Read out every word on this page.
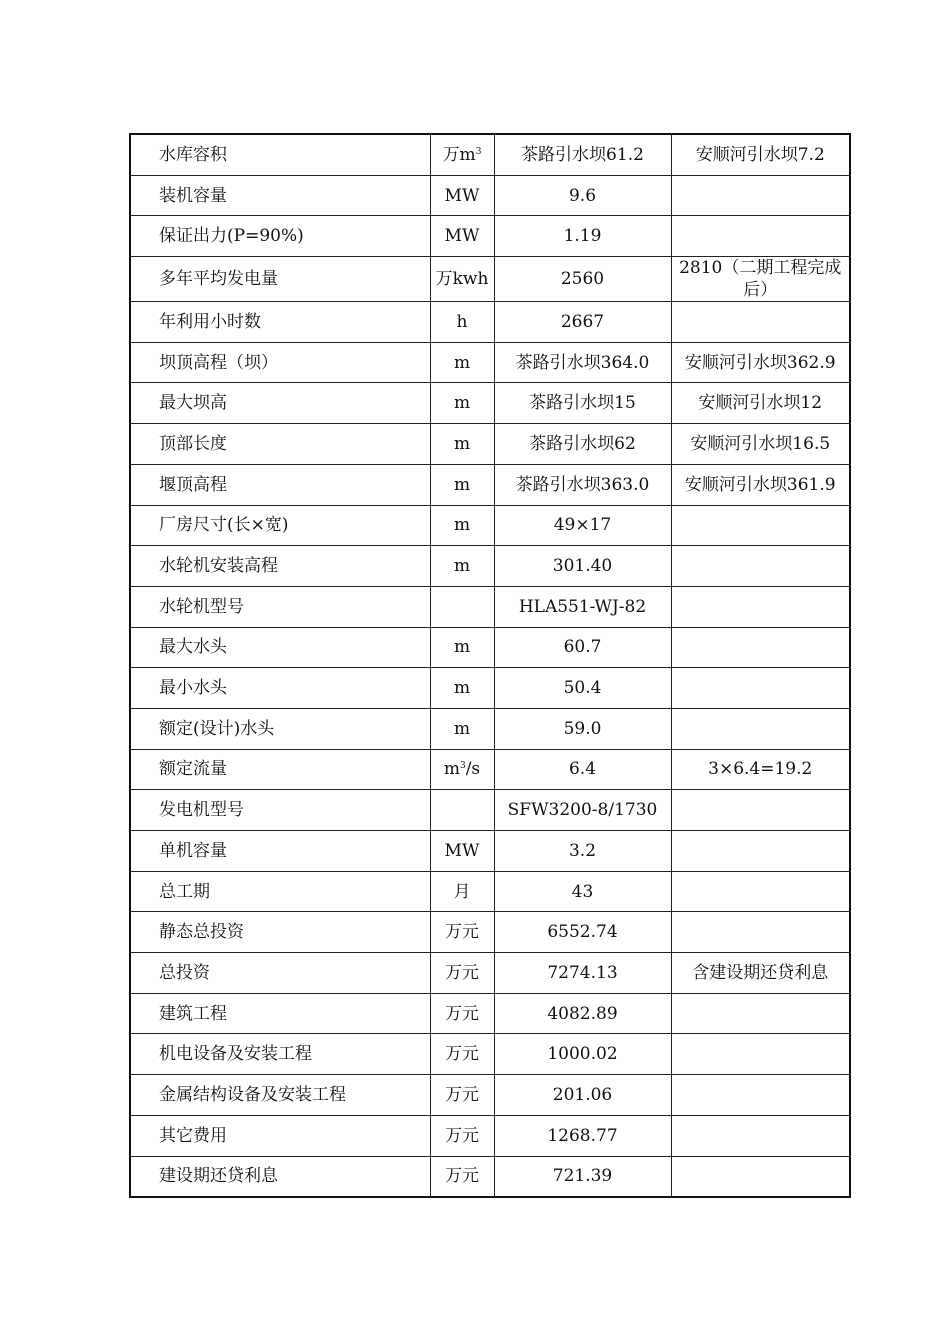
水库容积	万$m^3$	茶路引水坝61.2	安顺河引水坝7.2
装机容量	MW	9.6	
保证出力(P=90%)	MW	1.19	
多年平均发电量	万kwh	2560	2810（二期工程完成后）
年利用小时数	h	2667	
坝顶高程（坝）	m	茶路引水坝364.0	安顺河引水坝362.9
最大坝高	m	茶路引水坝15	安顺河引水坝12
顶部长度	m	茶路引水坝62	安顺河引水坝16.5
堰顶高程	m	茶路引水坝363.0	安顺河引水坝361.9
厂房尺寸(长×宽)	m	49×17	
水轮机安装高程	m	301.40	
水轮机型号		HLA551-WJ-82	
最大水头	m	60.7	
最小水头	m	50.4	
额定(设计)水头	m	59.0	
额定流量	$m^3/s$	6.4	3×6.4=19.2
发电机型号		SFW3200-8/1730	
单机容量	MW	3.2	
总工期	月	43	
静态总投资	万元	6552.74	
总投资	万元	7274.13	含建设期还贷利息
建筑工程	万元	4082.89	
机电设备及安装工程	万元	1000.02	
金属结构设备及安装工程	万元	201.06	
其它费用	万元	1268.77	
建设期还贷利息	万元	721.39	
